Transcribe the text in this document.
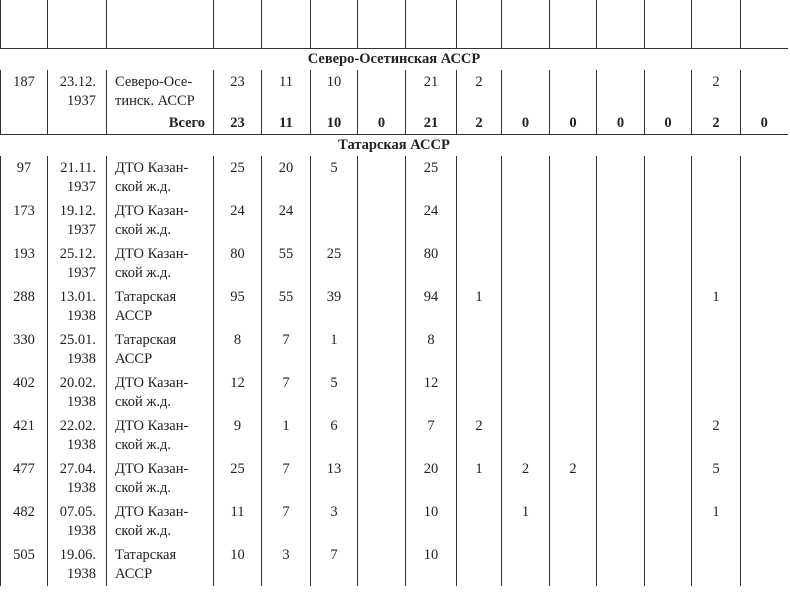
Северо-Осетинская АССР														
187	23.12. 1937	Северо-Осе- тинск. АССР	23	11	10		21	2					2	
		Всего	23	11	10	0	21	2	0	0	0	0	2	0
Татарская АССР														
97	21.11. 1937	ДТО Казан- ской ж.д.	25	20	5		25							
173	19.12. 1937	ДТО Казан- ской ж.д.	24	24			24							
193	25.12. 1937	ДТО Казан- ской ж.д.	80	55	25		80							
288	13.01. 1938	Татарская АССР	95	55	39		94	1					1	
330	25.01. 1938	Татарская АССР	8	7	1		8							
402	20.02. 1938	ДТО Казан- ской ж.д.	12	7	5		12							
421	22.02. 1938	ДТО Казан- ской ж.д.	9	1	6		7	2					2	
477	27.04. 1938	ДТО Казан- ской ж.д.	25	7	13		20	1	2	2			5	
482	07.05. 1938	ДТО Казан- ской ж.д.	11	7	3		10		1				1	
505	19.06. 1938	Татарская АССР	10	3	7		10							
